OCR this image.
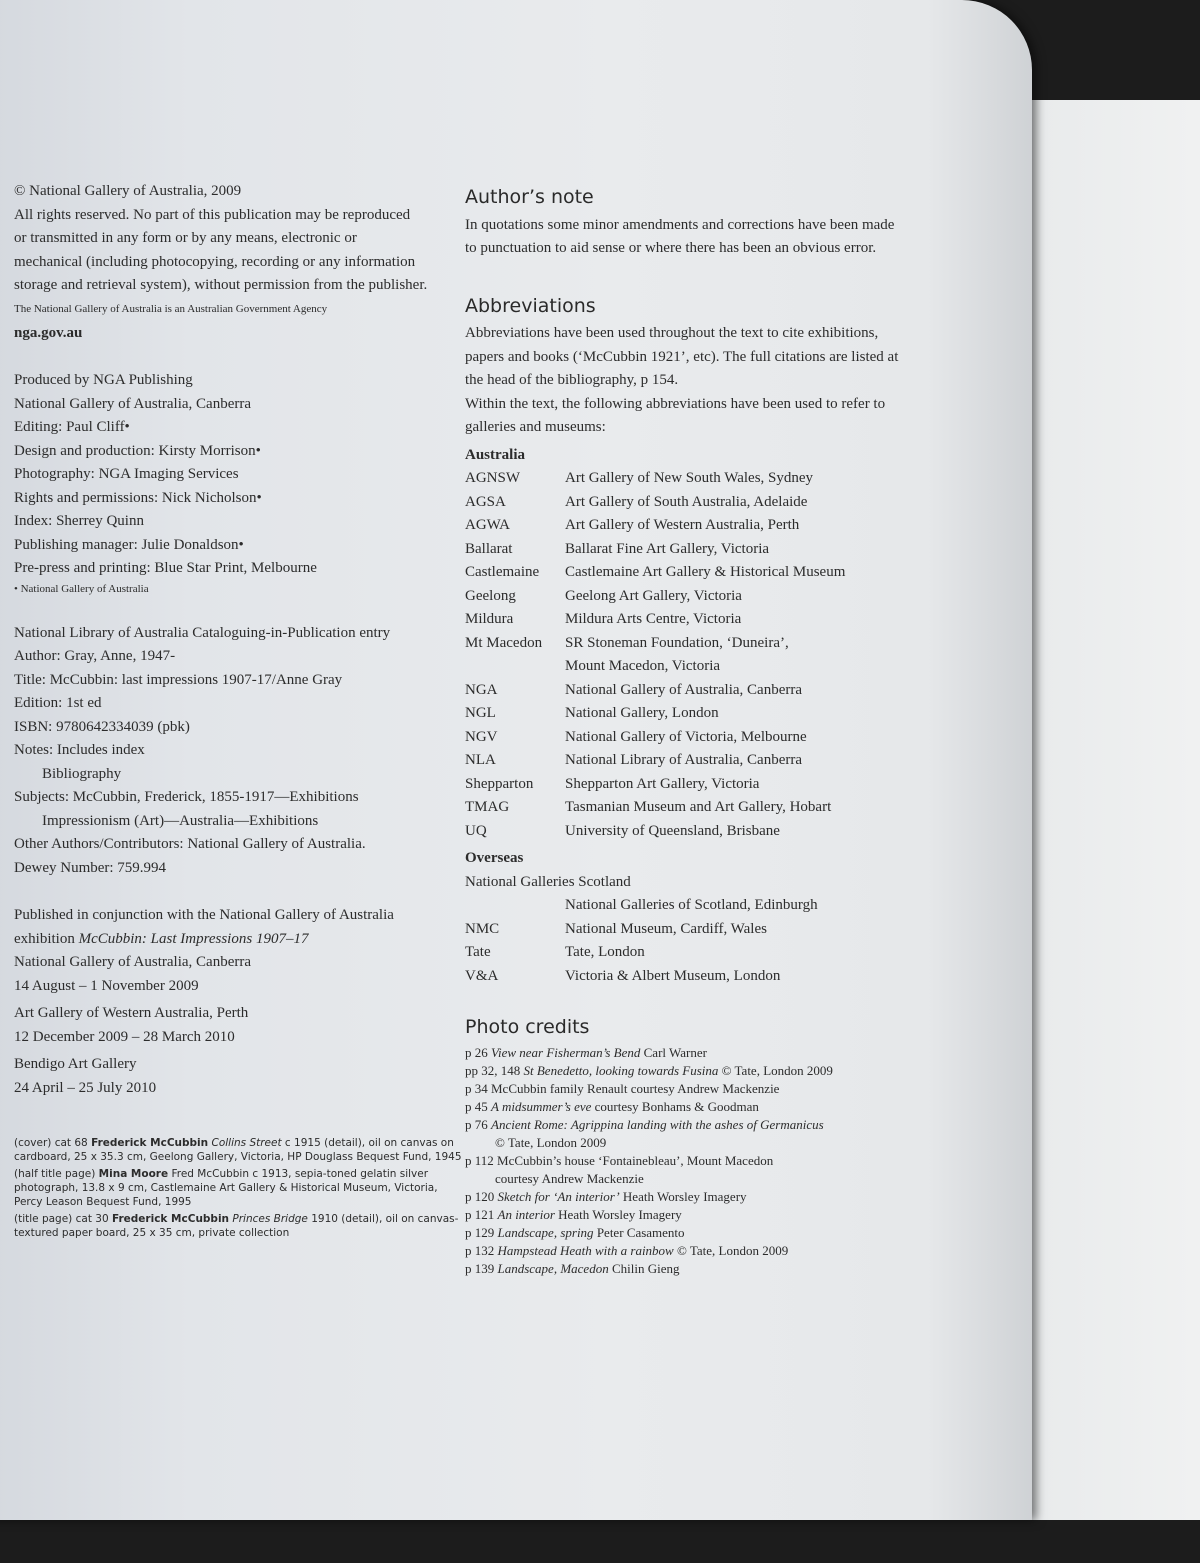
© National Gallery of Australia, 2009
All rights reserved. No part of this publication may be reproduced
or transmitted in any form or by any means, electronic or
mechanical (including photocopying, recording or any information
storage and retrieval system), without permission from the publisher.
The National Gallery of Australia is an Australian Government Agency
nga.gov.au
Produced by NGA Publishing
National Gallery of Australia, Canberra
Editing: Paul Cliff•
Design and production: Kirsty Morrison•
Photography: NGA Imaging Services
Rights and permissions: Nick Nicholson•
Index: Sherrey Quinn
Publishing manager: Julie Donaldson•
Pre-press and printing: Blue Star Print, Melbourne
• National Gallery of Australia
National Library of Australia Cataloguing-in-Publication entry
Author: Gray, Anne, 1947-
Title: McCubbin: last impressions 1907-17/Anne Gray
Edition: 1st ed
ISBN: 9780642334039 (pbk)
Notes: Includes index
Bibliography
Subjects: McCubbin, Frederick, 1855-1917—Exhibitions
Impressionism (Art)—Australia—Exhibitions
Other Authors/Contributors: National Gallery of Australia.
Dewey Number: 759.994
Published in conjunction with the National Gallery of Australia
exhibition McCubbin: Last Impressions 1907–17
National Gallery of Australia, Canberra
14 August – 1 November 2009
Art Gallery of Western Australia, Perth
12 December 2009 – 28 March 2010
Bendigo Art Gallery
24 April – 25 July 2010

(cover) cat 68 Frederick McCubbin Collins Street c 1915 (detail), oil on canvas on cardboard, 25 x 35.3 cm, Geelong Gallery, Victoria, HP Douglass Bequest Fund, 1945

(half title page) Mina Moore Fred McCubbin c 1913, sepia-toned gelatin silver photograph, 13.8 x 9 cm, Castlemaine Art Gallery & Historical Museum, Victoria, Percy Leason Bequest Fund, 1995

(title page) cat 30 Frederick McCubbin Princes Bridge 1910 (detail), oil on canvas-textured paper board, 25 x 35 cm, private collection

Author’s note
In quotations some minor amendments and corrections have been made to punctuation to aid sense or where there has been an obvious error.
Abbreviations
Abbreviations have been used throughout the text to cite exhibitions, papers and books (‘McCubbin 1921’, etc). The full citations are listed at the head of the bibliography, p 154.
Within the text, the following abbreviations have been used to refer to galleries and museums:
Australia
AGNSW	Art Gallery of New South Wales, Sydney
AGSA	Art Gallery of South Australia, Adelaide
AGWA	Art Gallery of Western Australia, Perth
Ballarat	Ballarat Fine Art Gallery, Victoria
Castlemaine	Castlemaine Art Gallery & Historical Museum
Geelong	Geelong Art Gallery, Victoria
Mildura	Mildura Arts Centre, Victoria
Mt Macedon	SR Stoneman Foundation, ‘Duneira’,
Mount Macedon, Victoria
NGA	National Gallery of Australia, Canberra
NGL	National Gallery, London
NGV	National Gallery of Victoria, Melbourne
NLA	National Library of Australia, Canberra
Shepparton	Shepparton Art Gallery, Victoria
TMAG	Tasmanian Museum and Art Gallery, Hobart
UQ	University of Queensland, Brisbane
Overseas
National Galleries Scotland
National Galleries of Scotland, Edinburgh
NMC	National Museum, Cardiff, Wales
Tate	Tate, London
V&A	Victoria & Albert Museum, London
Photo credits
p 26 View near Fisherman’s Bend Carl Warner
pp 32, 148 St Benedetto, looking towards Fusina © Tate, London 2009
p 34 McCubbin family Renault courtesy Andrew Mackenzie
p 45 A midsummer’s eve courtesy Bonhams & Goodman
p 76 Ancient Rome: Agrippina landing with the ashes of Germanicus
© Tate, London 2009
p 112 McCubbin’s house ‘Fontainebleau’, Mount Macedon
courtesy Andrew Mackenzie
p 120 Sketch for ‘An interior’ Heath Worsley Imagery
p 121 An interior Heath Worsley Imagery
p 129 Landscape, spring Peter Casamento
p 132 Hampstead Heath with a rainbow © Tate, London 2009
p 139 Landscape, Macedon Chilin Gieng
